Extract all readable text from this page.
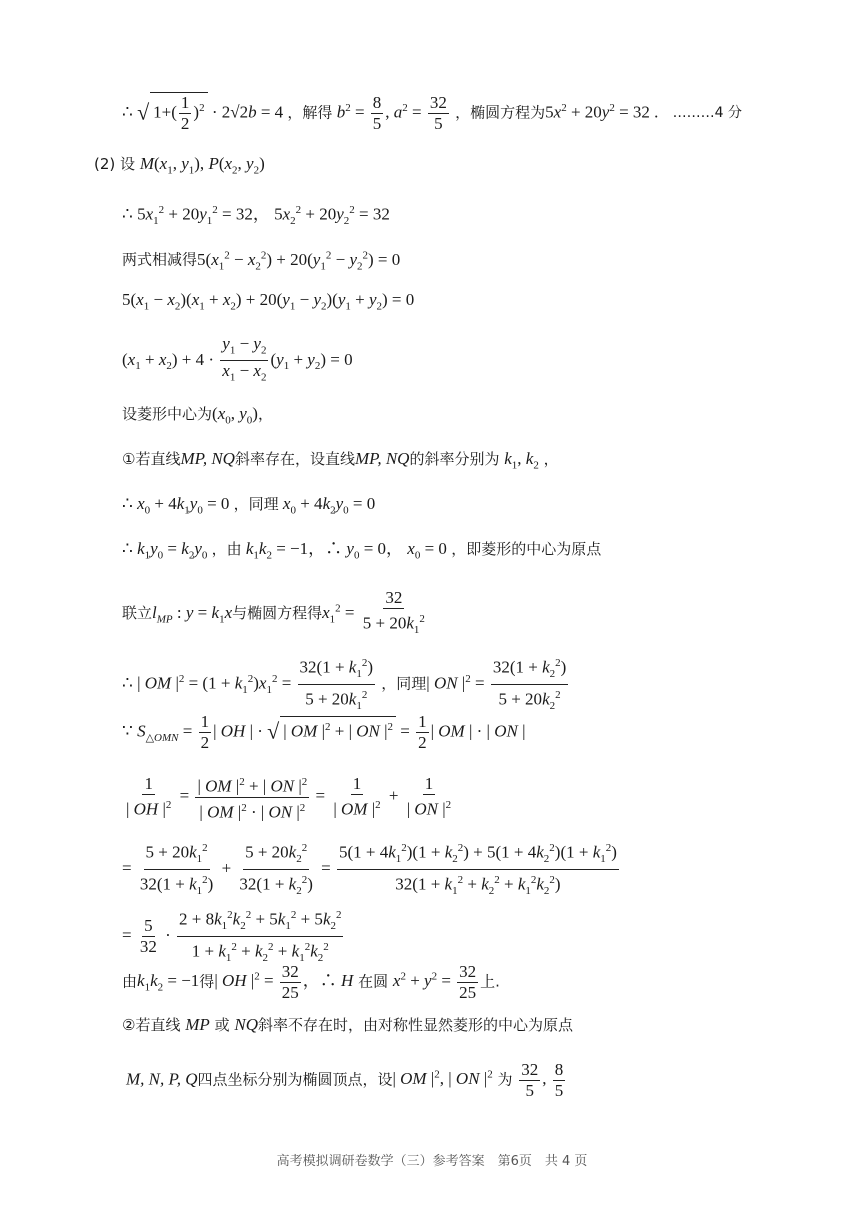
∴ √ $1+( \frac{1}{2} )^2 \cdot 2√2b = 4$ ，解得 $b^2 = \frac{8}{5}$ , $a^2 = \frac{32}{5}$ ，椭圆方程为$5x^2 + 20y^2 = 32$ . ………4 分
(2) 设 $M(x_1$, $y_1$), $P(x_2$, $y_2$)
∴ $5x_1^2 + 20y_1^2 = 32$， $5x_2^2 + 20y_2^2 = 32$
两式相减得$5(x_1^2 - x_2^2) + 20(y_1^2 - y_2^2) = 0$
$5(x_1 - x_2)(x_1 + x_2) + 20(y_1 - y_2)(y_1 + y_2) = 0$
$(x_1 + x_2) + 4 \cdot \frac{y_1 - y_2}{x_1 - x_2} (y_1 + y_2) = 0$
设菱形中心为($x_0$, $y_0$)，
①若直线MP, NQ斜率存在，设直线MP, NQ的斜率分别为 $k_1$, $k_2$ ，
∴ $x_0 + 4k_1y_0 = 0$ ，同理 $x_0 + 4k_2y_0 = 0$
∴ $k_1y_0 = k_2y_0$ ，由 $k_1k_2 = -1$，∴ $y_0 = 0$， $x_0 = 0$ ，即菱形的中心为原点
联立$l_{MP}$ : $y = k_1x$与椭圆方程得$x_1^2 = \frac{32}{5 + 20k_1^2}$
∴ | OM $|^2 = (1 + k_1^2)x_1^2 = \frac{32(1 + k_1^2)}{5 + 20k_1^2}$ ，同理| ON $|^2 = \frac{32(1 + k_2^2)}{5 + 20k_2^2}$
∵ $S_{\triangle OMN} = \frac{1}{2}$ | OH | · √ | OM $|^2$ + | ON $|^2 = \frac{1}{2}$ | OM | · | ON |
$\frac{1}{| OH |^2} = \frac{| OM |^2 + | ON |^2}{| OM |^2 \cdot | ON |^2} = \frac{1}{| OM |^2} + \frac{1}{| ON |^2}$
= $\frac{5 + 20k_1^2}{32(1 + k_1^2)} + \frac{5 + 20k_2^2}{32(1 + k_2^2)} = \frac{5(1 + 4k_1^2)(1 + k_2^2) + 5(1 + 4k_2^2)(1 + k_1^2)}{32(1 + k_1^2 + k_2^2 + k_1^2k_2^2)}$
= $\frac{5}{32} \cdot \frac{2 + 8k_1^2k_2^2 + 5k_1^2 + 5k_2^2}{1 + k_1^2 + k_2^2 + k_1^2k_2^2}$
由$k_1k_2 = -1$得| OH $|^2 = \frac{32}{25}$ ，∴ H 在圆 $x^2 + y^2 = \frac{32}{25}$ 上.
②若直线 MP 或 NQ斜率不存在时，由对称性显然菱形的中心为原点
M, N, P, Q四点坐标分别为椭圆顶点，设| OM $|^2$, | ON $|^2$ 为 $\frac{32}{5}$ , $\frac{8}{5}$
高考模拟调研卷数学（三）参考答案　第6页　共 4 页
